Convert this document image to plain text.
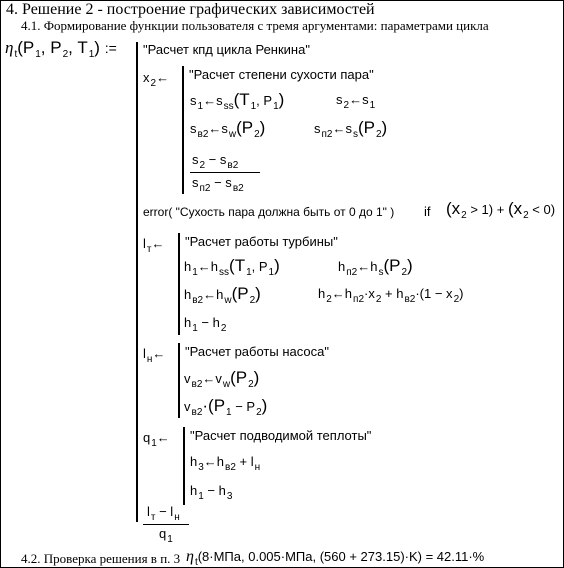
4. Решение 2 - построение графических зависимостей
4.1. Формирование функции пользователя с тремя аргументами: параметрами цикла
$\eta_t(P_1$, $P_2$, $T_1$) := "Расчет кпд цикла Ренкина"
$x_2\leftarrow$ "Расчет степени сухости пара"
$s_1\leftarrow s_{ss}(T_1$, $P_1$)	$s_2\leftarrow s_1$
$s_{в2}\leftarrow s_w(P_2)$	$s_{п2}\leftarrow s_s(P_2)$
$s_2 - s_{в2}$
$s_{п2} - s_{в2}$
error( "Сухость пара должна быть от 0 до 1" ) if $(x_2 > 1) + (x_2 < 0)$
$l_т\leftarrow$ "Расчет работы турбины"
$h_1\leftarrow h_{ss}(T_1$, $P_1$)	$h_{п2}\leftarrow h_s(P_2)$
$h_{в2}\leftarrow h_w(P_2)$	$h_2\leftarrow h_{п2}\cdot x_2 + h_{в2}\cdot(1 - x_2)$
$h_1 - h_2$
$l_н\leftarrow$ "Расчет работы насоса"
$v_{в2}\leftarrow v_w(P_2)$
$v_{в2}\cdot(P_1 - P_2)$
$q_1\leftarrow$ "Расчет подводимой теплоты"
$h_3\leftarrow h_{в2} + l_н$
$h_1 - h_3$
$l_т - l_н$
$q_1$
4.2. Проверка решения в п. 3 $\eta_t(8\cdot МПа$, 0.005·МПа, (560 + 273.15)·K) = 42.11·%
